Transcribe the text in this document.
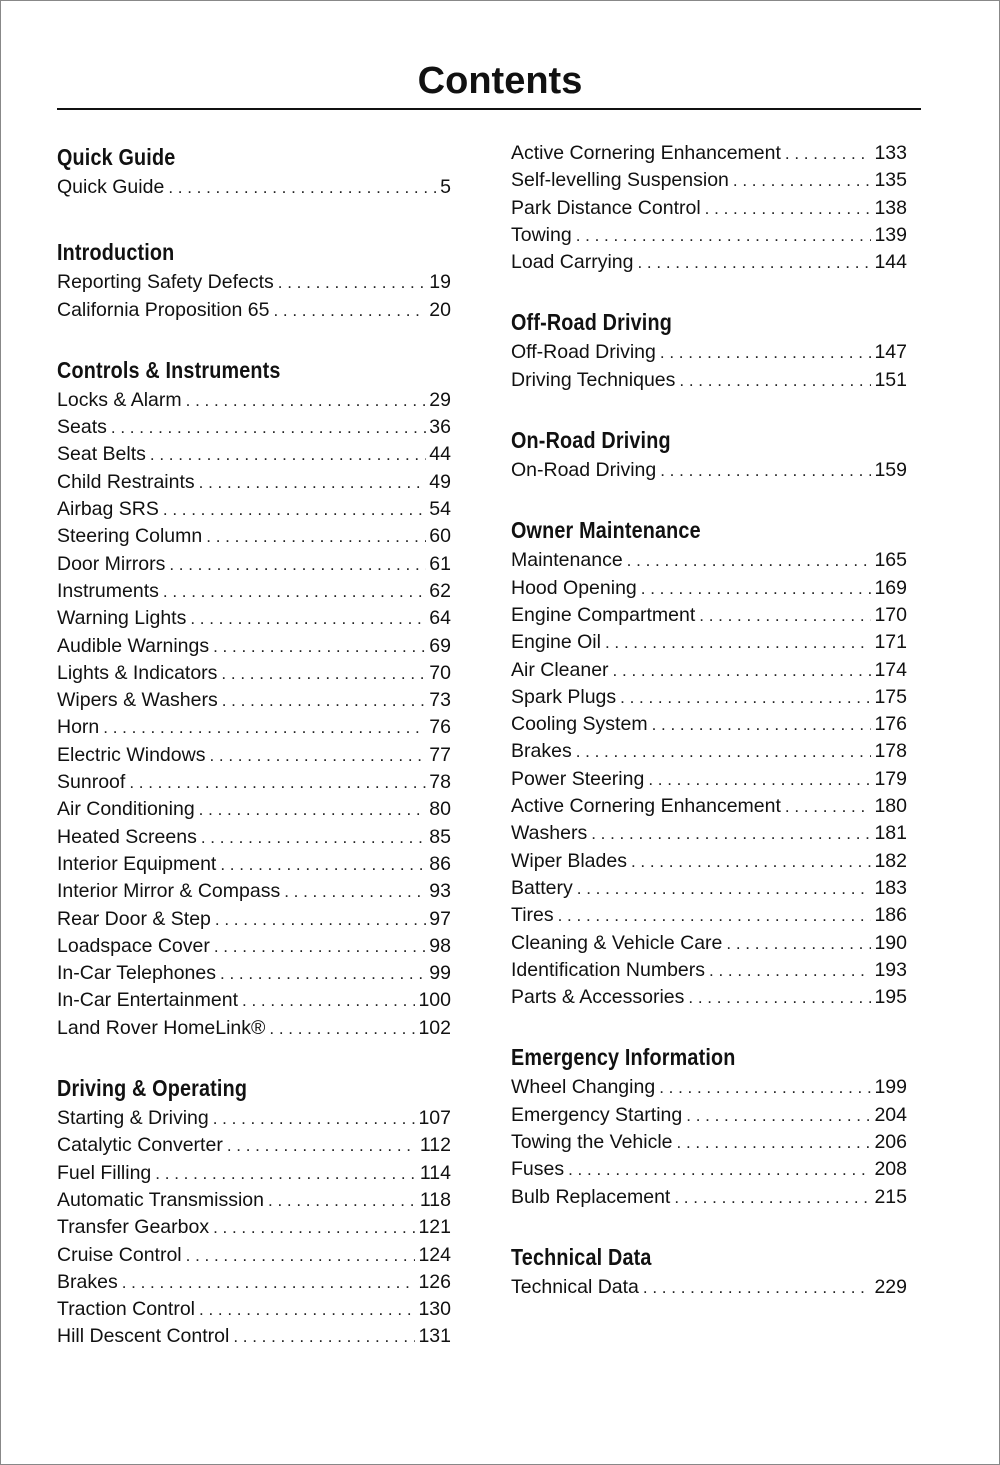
Contents
Quick Guide
Quick Guide . . .	5
Introduction
Reporting Safety Defects . . .	19
California Proposition 65 . . .	20
Controls & Instruments
Locks & Alarm . . .	29
Seats . . .	36
Seat Belts . . .	44
Child Restraints . . .	49
Airbag SRS . . .	54
Steering Column . . .	60
Door Mirrors . . .	61
Instruments . . .	62
Warning Lights . . .	64
Audible Warnings . . .	69
Lights & Indicators . . .	70
Wipers & Washers . . .	73
Horn . . .	76
Electric Windows . . .	77
Sunroof . . .	78
Air Conditioning . . .	80
Heated Screens . . .	85
Interior Equipment . . .	86
Interior Mirror & Compass . . .	93
Rear Door & Step . . .	97
Loadspace Cover . . .	98
In-Car Telephones . . .	99
In-Car Entertainment . . .	100
Land Rover HomeLink® . . .	102
Driving & Operating
Starting & Driving . . .	107
Catalytic Converter . . .	112
Fuel Filling . . .	114
Automatic Transmission . . .	118
Transfer Gearbox . . .	121
Cruise Control . . .	124
Brakes . . .	126
Traction Control . . .	130
Hill Descent Control . . .	131
Active Cornering Enhancement . . .	133
Self-levelling Suspension . . .	135
Park Distance Control . . .	138
Towing . . .	139
Load Carrying . . .	144
Off-Road Driving
Off-Road Driving . . .	147
Driving Techniques . . .	151
On-Road Driving
On-Road Driving . . .	159
Owner Maintenance
Maintenance . . .	165
Hood Opening . . .	169
Engine Compartment . . .	170
Engine Oil . . .	171
Air Cleaner . . .	174
Spark Plugs . . .	175
Cooling System . . .	176
Brakes . . .	178
Power Steering . . .	179
Active Cornering Enhancement . . .	180
Washers . . .	181
Wiper Blades . . .	182
Battery . . .	183
Tires . . .	186
Cleaning & Vehicle Care . . .	190
Identification Numbers . . .	193
Parts & Accessories . . .	195
Emergency Information
Wheel Changing . . .	199
Emergency Starting . . .	204
Towing the Vehicle . . .	206
Fuses . . .	208
Bulb Replacement . . .	215
Technical Data
Technical Data . . .	229
